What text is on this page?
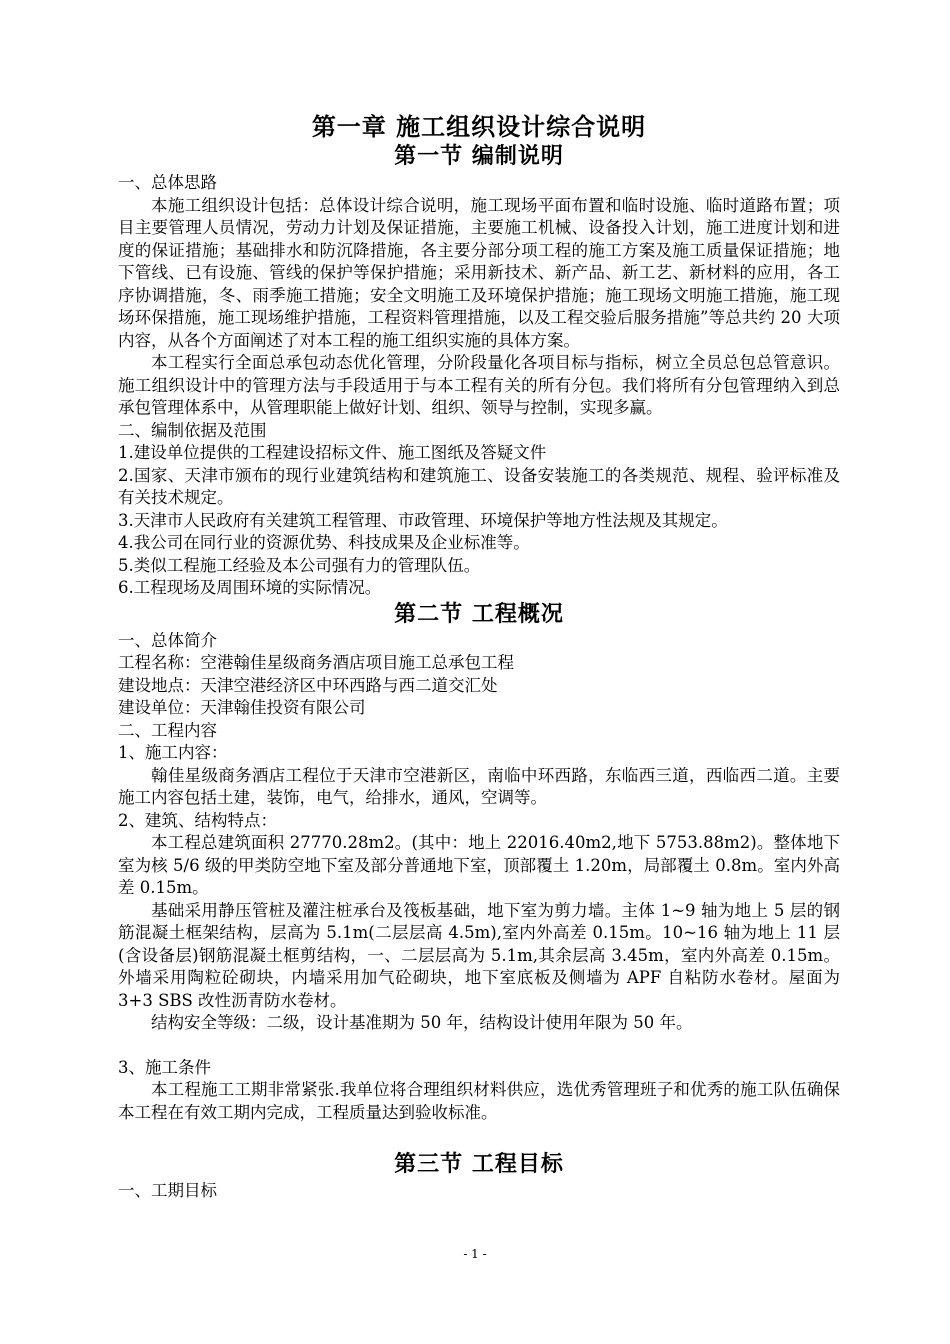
第一章 施工组织设计综合说明
第一节 编制说明

一、总体思路

本施工组织设计包括：总体设计综合说明，施工现场平面布置和临时设施、临时道路布置；项目主要管理人员情况，劳动力计划及保证措施，主要施工机械、设备投入计划，施工进度计划和进度的保证措施；基础排水和防沉降措施，各主要分部分项工程的施工方案及施工质量保证措施；地下管线、已有设施、管线的保护等保护措施；采用新技术、新产品、新工艺、新材料的应用，各工序协调措施，冬、雨季施工措施；安全文明施工及环境保护措施；施工现场文明施工措施，施工现场环保措施，施工现场维护措施，工程资料管理措施，以及工程交验后服务措施”等总共约 20 大项内容，从各个方面阐述了对本工程的施工组织实施的具体方案。

本工程实行全面总承包动态优化管理，分阶段量化各项目标与指标，树立全员总包总管意识。施工组织设计中的管理方法与手段适用于与本工程有关的所有分包。我们将所有分包管理纳入到总承包管理体系中，从管理职能上做好计划、组织、领导与控制，实现多赢。

二、编制依据及范围

1.建设单位提供的工程建设招标文件、施工图纸及答疑文件

2.国家、天津市颁布的现行业建筑结构和建筑施工、设备安装施工的各类规范、规程、验评标准及有关技术规定。

3.天津市人民政府有关建筑工程管理、市政管理、环境保护等地方性法规及其规定。

4.我公司在同行业的资源优势、科技成果及企业标准等。

5.类似工程施工经验及本公司强有力的管理队伍。

6.工程现场及周围环境的实际情况。

第二节 工程概况

一、总体简介

工程名称：空港翰佳星级商务酒店项目施工总承包工程

建设地点：天津空港经济区中环西路与西二道交汇处

建设单位：天津翰佳投资有限公司

二、工程内容

1、施工内容：

翰佳星级商务酒店工程位于天津市空港新区，南临中环西路，东临西三道，西临西二道。主要施工内容包括土建，装饰，电气，给排水，通风，空调等。

2、建筑、结构特点：

本工程总建筑面积 27770.28m2。(其中：地上 22016.40m2,地下 5753.88m2)。整体地下室为核 5/6 级的甲类防空地下室及部分普通地下室，顶部覆土 1.20m，局部覆土 0.8m。室内外高差 0.15m。

基础采用静压管桩及灌注桩承台及筏板基础，地下室为剪力墙。主体 1~9 轴为地上 5 层的钢筋混凝土框架结构，层高为 5.1m(二层层高 4.5m),室内外高差 0.15m。10~16 轴为地上 11 层(含设备层)钢筋混凝土框剪结构，一、二层层高为 5.1m,其余层高 3.45m，室内外高差 0.15m。外墙采用陶粒砼砌块，内墙采用加气砼砌块，地下室底板及侧墙为 APF 自粘防水卷材。屋面为 3+3 SBS 改性沥青防水卷材。

结构安全等级：二级，设计基准期为 50 年，结构设计使用年限为 50 年。

3、施工条件

本工程施工工期非常紧张.我单位将合理组织材料供应，选优秀管理班子和优秀的施工队伍确保本工程在有效工期内完成，工程质量达到验收标准。

第三节 工程目标

一、工期目标

- 1 -
